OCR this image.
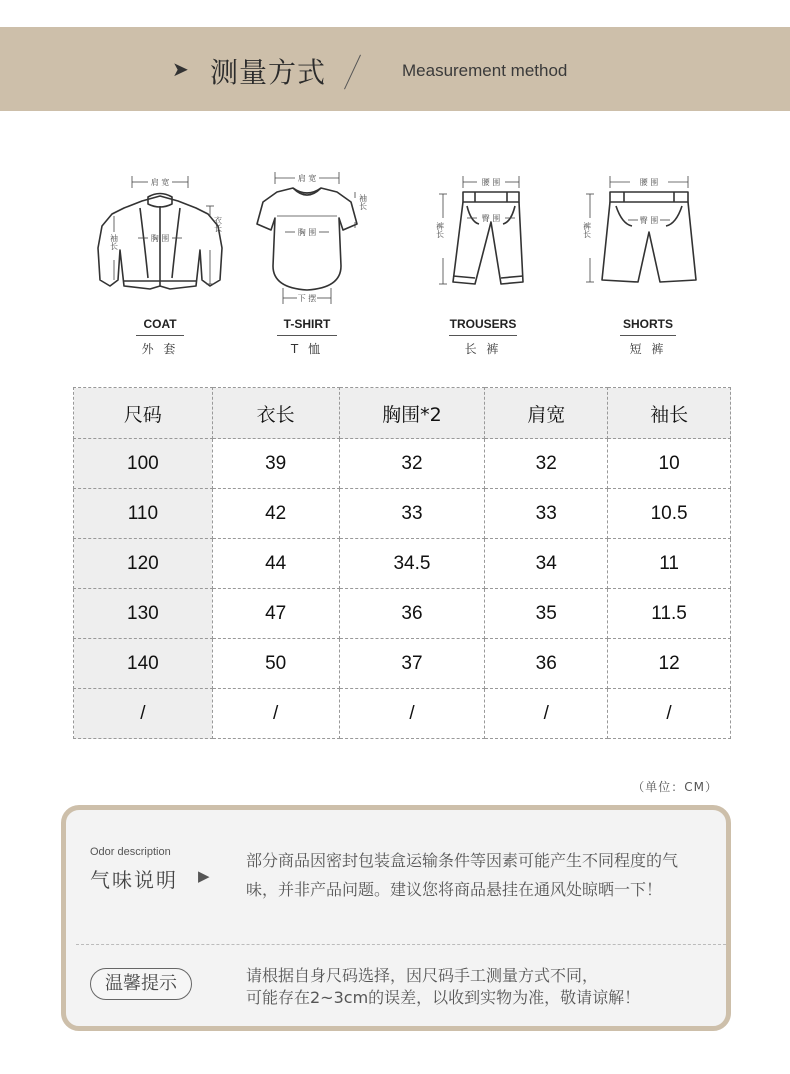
➤ 测量方式	Measurement method
肩 宽
胸 围
袖长
衣长
COAT
外 套
肩 宽
胸 围
袖长
下 摆
T-SHIRT
T 恤
腰 围
臀 围
裤长
TROUSERS
长 裤
腰 围
臀 围
裤长
SHORTS
短 裤
尺码	衣长	胸围*2	肩宽	袖长
100	39	32	32	10
110	42	33	33	10.5
120	44	34.5	34	11
130	47	36	35	11.5
140	50	37	36	12
/	/	/	/	/
（单位：CM）
Odor description
气味说明 ▶
部分商品因密封包装盒运输条件等因素可能产生不同程度的气味，并非产品问题。建议您将商品悬挂在通风处晾晒一下！
温馨提示	请根据自身尺码选择，因尺码手工测量方式不同，
可能存在2~3cm的误差，以收到实物为准，敬请谅解！
